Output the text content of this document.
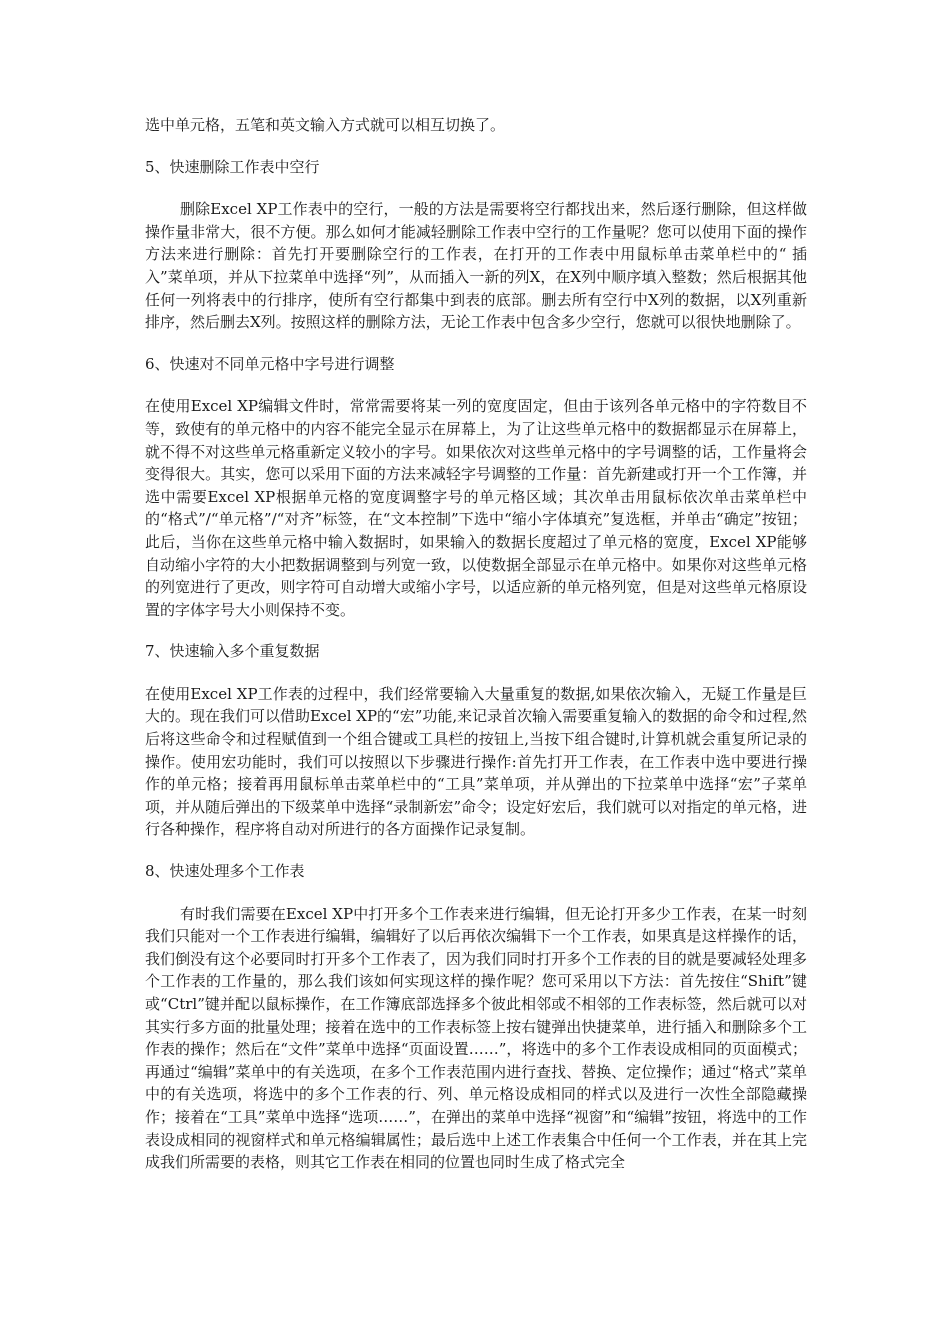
选中单元格，五笔和英文输入方式就可以相互切换了。

5、快速删除工作表中空行

删除Excel XP工作表中的空行，一般的方法是需要将空行都找出来，然后逐行删除，但这样做操作量非常大，很不方便。那么如何才能减轻删除工作表中空行的工作量呢？您可以使用下面的操作方法来进行删除：首先打开要删除空行的工作表，在打开的工作表中用鼠标单击菜单栏中的“ 插 入”菜单项，并从下拉菜单中选择“列”，从而插入一新的列X，在X列中顺序填入整数；然后根据其他任何一列将表中的行排序，使所有空行都集中到表的底部。删去所有空行中X列的数据，以X列重新排序，然后删去X列。按照这样的删除方法，无论工作表中包含多少空行，您就可以很快地删除了。

6、快速对不同单元格中字号进行调整

在使用Excel XP编辑文件时，常常需要将某一列的宽度固定，但由于该列各单元格中的字符数目不等，致使有的单元格中的内容不能完全显示在屏幕上，为了让这些单元格中的数据都显示在屏幕上，就不得不对这些单元格重新定义较小的字号。如果依次对这些单元格中的字号调整的话，工作量将会变得很大。其实，您可以采用下面的方法来减轻字号调整的工作量：首先新建或打开一个工作簿，并选中需要Excel XP根据单元格的宽度调整字号的单元格区域；其次单击用鼠标依次单击菜单栏中的“格式”/“单元格”/“对齐”标签，在“文本控制”下选中“缩小字体填充”复选框，并单击“确定”按钮；此后，当你在这些单元格中输入数据时，如果输入的数据长度超过了单元格的宽度，Excel XP能够自动缩小字符的大小把数据调整到与列宽一致，以使数据全部显示在单元格中。如果你对这些单元格的列宽进行了更改，则字符可自动增大或缩小字号，以适应新的单元格列宽，但是对这些单元格原设置的字体字号大小则保持不变。

7、快速输入多个重复数据

在使用Excel XP工作表的过程中，我们经常要输入大量重复的数据,如果依次输入，无疑工作量是巨大的。现在我们可以借助Excel XP的“宏”功能,来记录首次输入需要重复输入的数据的命令和过程,然后将这些命令和过程赋值到一个组合键或工具栏的按钮上,当按下组合键时,计算机就会重复所记录的操作。使用宏功能时，我们可以按照以下步骤进行操作:首先打开工作表，在工作表中选中要进行操作的单元格；接着再用鼠标单击菜单栏中的“工具”菜单项，并从弹出的下拉菜单中选择“宏”子菜单项，并从随后弹出的下级菜单中选择“录制新宏”命令；设定好宏后，我们就可以对指定的单元格，进行各种操作，程序将自动对所进行的各方面操作记录复制。

8、快速处理多个工作表

有时我们需要在Excel XP中打开多个工作表来进行编辑，但无论打开多少工作表，在某一时刻我们只能对一个工作表进行编辑，编辑好了以后再依次编辑下一个工作表，如果真是这样操作的话，我们倒没有这个必要同时打开多个工作表了，因为我们同时打开多个工作表的目的就是要减轻处理多个工作表的工作量的，那么我们该如何实现这样的操作呢？您可采用以下方法：首先按住“Shift”键或“Ctrl”键并配以鼠标操作，在工作簿底部选择多个彼此相邻或不相邻的工作表标签，然后就可以对其实行多方面的批量处理；接着在选中的工作表标签上按右键弹出快捷菜单，进行插入和删除多个工作表的操作；然后在“文件”菜单中选择“页面设置……”，将选中的多个工作表设成相同的页面模式；再通过“编辑”菜单中的有关选项，在多个工作表范围内进行查找、替换、定位操作；通过“格式”菜单中的有关选项，将选中的多个工作表的行、列、单元格设成相同的样式以及进行一次性全部隐藏操作；接着在“工具”菜单中选择“选项……”，在弹出的菜单中选择“视窗”和“编辑”按钮，将选中的工作表设成相同的视窗样式和单元格编辑属性；最后选中上述工作表集合中任何一个工作表，并在其上完成我们所需要的表格，则其它工作表在相同的位置也同时生成了格式完全
